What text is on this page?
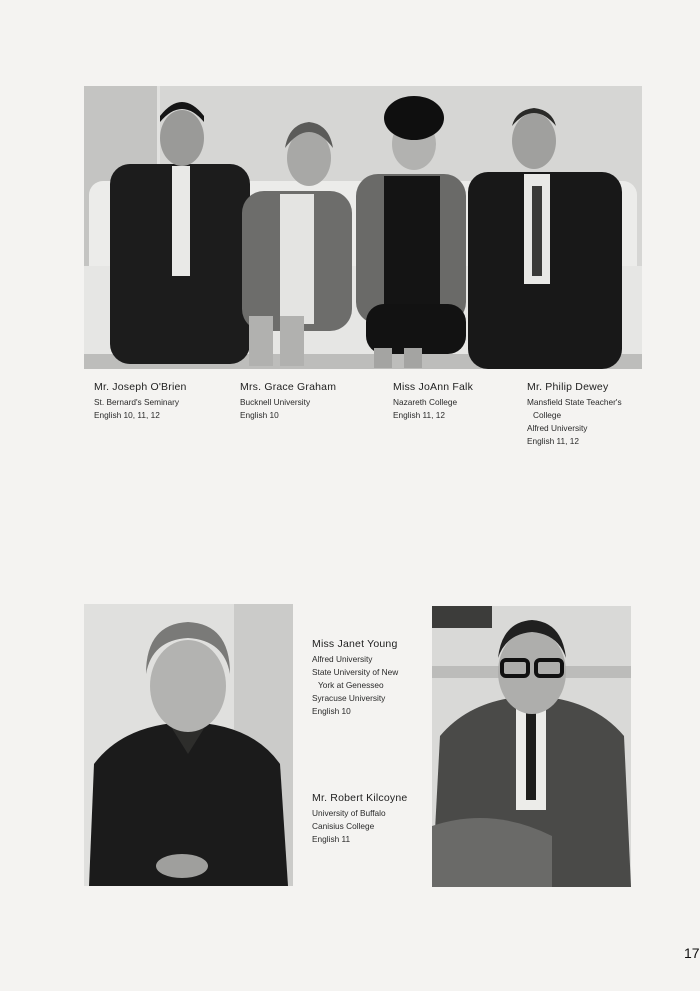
Mr. Joseph O'Brien
St. Bernard's Seminary
English 10, 11, 12
Mrs. Grace Graham
Bucknell University
English 10
Miss JoAnn Falk
Nazareth College
English 11, 12
Mr. Philip Dewey
Mansfield State Teacher's
College
Alfred University
English 11, 12
Miss Janet Young
Alfred University
State University of New
York at Genesseo
Syracuse University
English 10
Mr. Robert Kilcoyne
University of Buffalo
Canisius College
English 11
17
